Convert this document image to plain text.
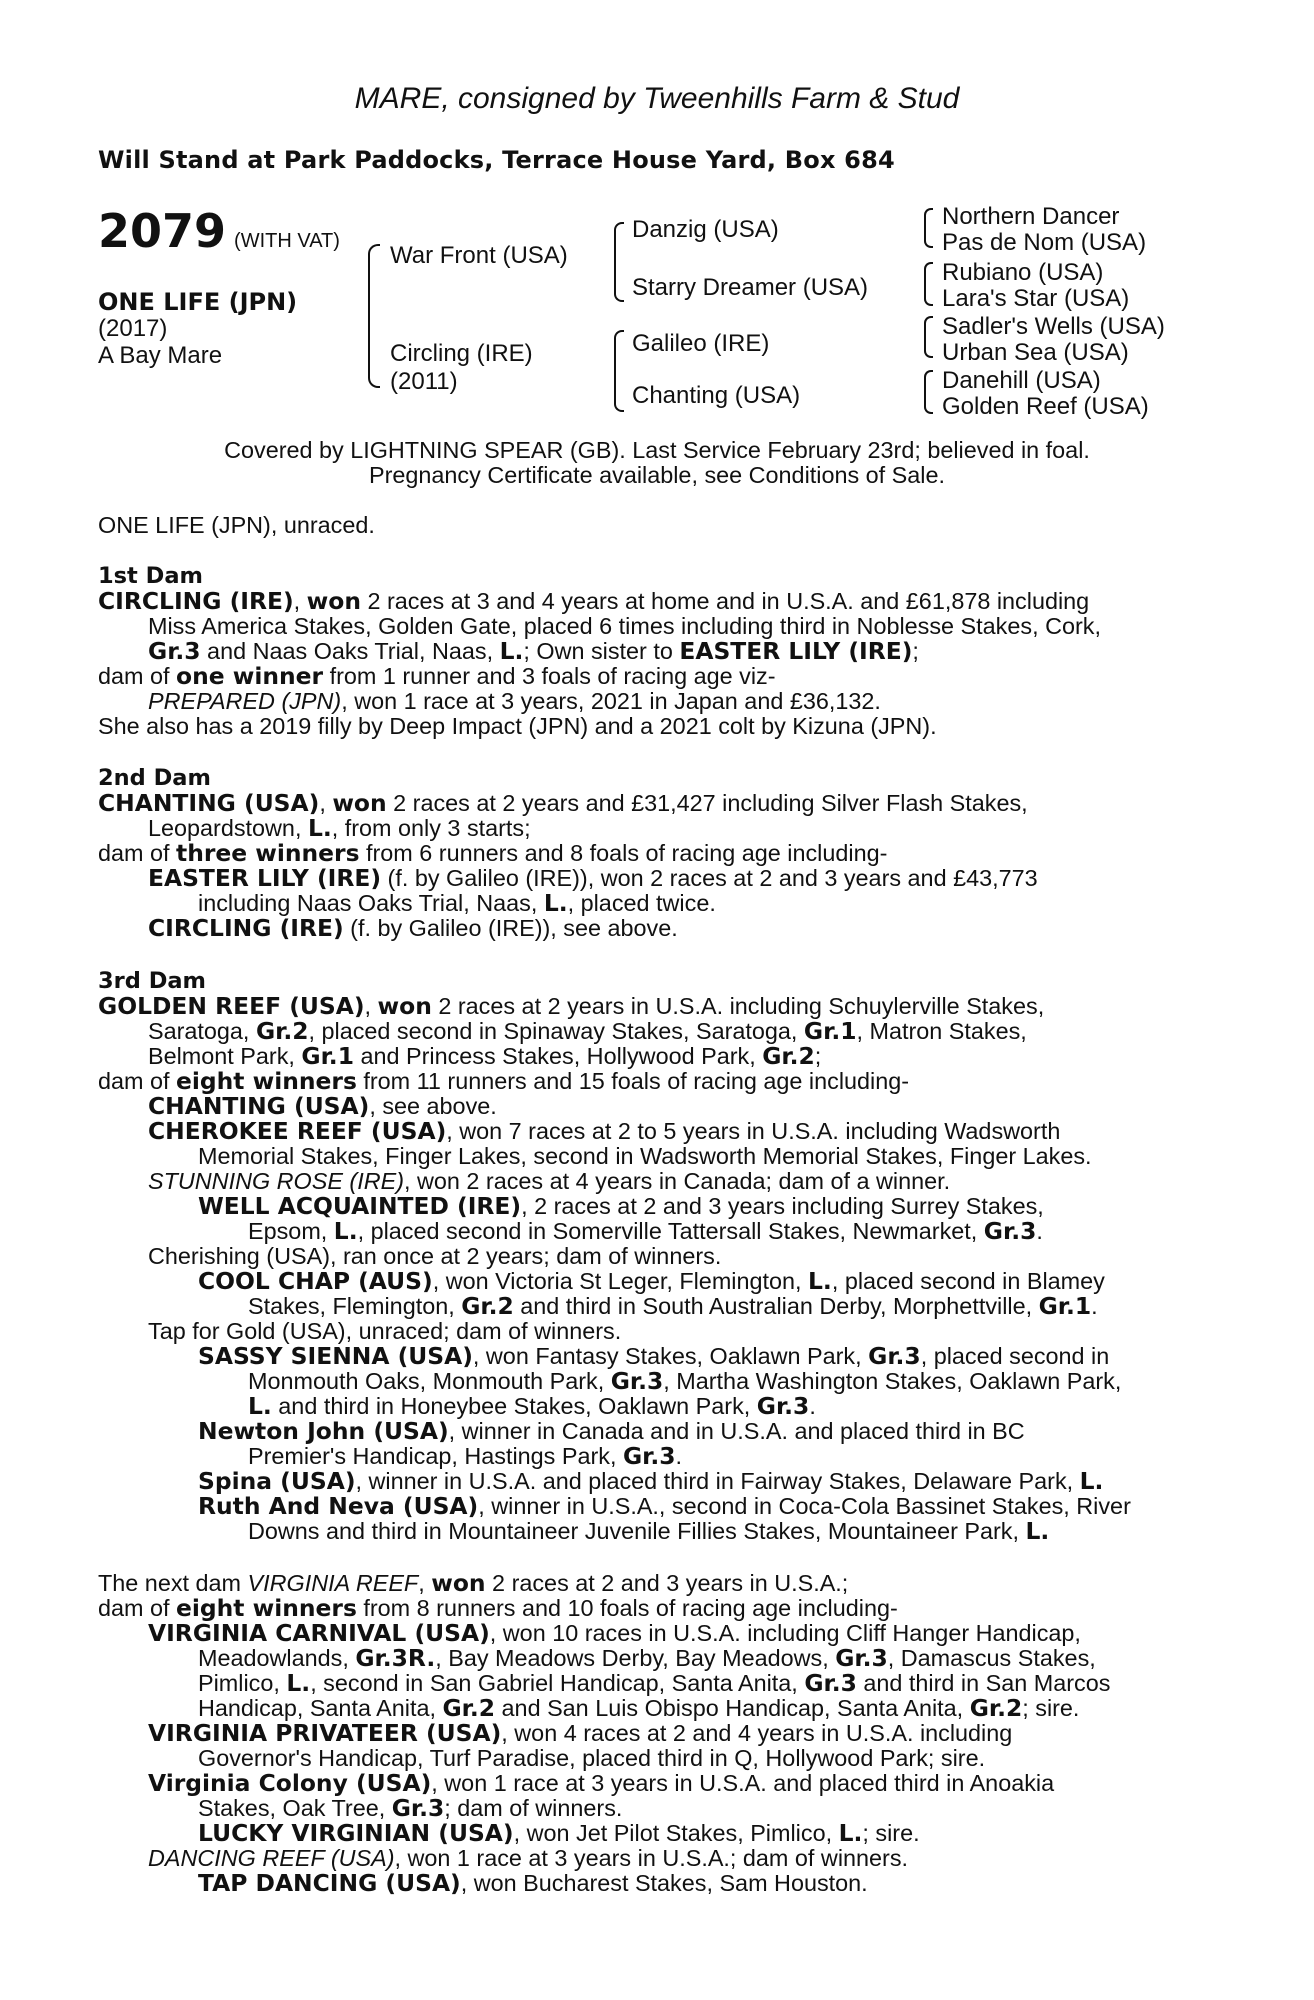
MARE, consigned by Tweenhills Farm & Stud
Will Stand at Park Paddocks, Terrace House Yard, Box 684
2079 (WITH VAT)
ONE LIFE (JPN)
(2017)
A Bay Mare
War Front (USA)
Circling (IRE)
(2011)
Danzig (USA)
Starry Dreamer (USA)
Galileo (IRE)
Chanting (USA)
Northern Dancer
Pas de Nom (USA)
Rubiano (USA)
Lara's Star (USA)
Sadler's Wells (USA)
Urban Sea (USA)
Danehill (USA)
Golden Reef (USA)
Covered by LIGHTNING SPEAR (GB). Last Service February 23rd; believed in foal.
Pregnancy Certificate available, see Conditions of Sale.
ONE LIFE (JPN), unraced.
1st Dam
CIRCLING (IRE), won 2 races at 3 and 4 years at home and in U.S.A. and £61,878 including
Miss America Stakes, Golden Gate, placed 6 times including third in Noblesse Stakes, Cork,
Gr.3 and Naas Oaks Trial, Naas, L.; Own sister to EASTER LILY (IRE);
dam of one winner from 1 runner and 3 foals of racing age viz-
PREPARED (JPN), won 1 race at 3 years, 2021 in Japan and £36,132.
She also has a 2019 filly by Deep Impact (JPN) and a 2021 colt by Kizuna (JPN).
2nd Dam
CHANTING (USA), won 2 races at 2 years and £31,427 including Silver Flash Stakes,
Leopardstown, L., from only 3 starts;
dam of three winners from 6 runners and 8 foals of racing age including-
EASTER LILY (IRE) (f. by Galileo (IRE)), won 2 races at 2 and 3 years and £43,773
including Naas Oaks Trial, Naas, L., placed twice.
CIRCLING (IRE) (f. by Galileo (IRE)), see above.
3rd Dam
GOLDEN REEF (USA), won 2 races at 2 years in U.S.A. including Schuylerville Stakes,
Saratoga, Gr.2, placed second in Spinaway Stakes, Saratoga, Gr.1, Matron Stakes,
Belmont Park, Gr.1 and Princess Stakes, Hollywood Park, Gr.2;
dam of eight winners from 11 runners and 15 foals of racing age including-
CHANTING (USA), see above.
CHEROKEE REEF (USA), won 7 races at 2 to 5 years in U.S.A. including Wadsworth
Memorial Stakes, Finger Lakes, second in Wadsworth Memorial Stakes, Finger Lakes.
STUNNING ROSE (IRE), won 2 races at 4 years in Canada; dam of a winner.
WELL ACQUAINTED (IRE), 2 races at 2 and 3 years including Surrey Stakes,
Epsom, L., placed second in Somerville Tattersall Stakes, Newmarket, Gr.3.
Cherishing (USA), ran once at 2 years; dam of winners.
COOL CHAP (AUS), won Victoria St Leger, Flemington, L., placed second in Blamey
Stakes, Flemington, Gr.2 and third in South Australian Derby, Morphettville, Gr.1.
Tap for Gold (USA), unraced; dam of winners.
SASSY SIENNA (USA), won Fantasy Stakes, Oaklawn Park, Gr.3, placed second in
Monmouth Oaks, Monmouth Park, Gr.3, Martha Washington Stakes, Oaklawn Park,
L. and third in Honeybee Stakes, Oaklawn Park, Gr.3.
Newton John (USA), winner in Canada and in U.S.A. and placed third in BC
Premier's Handicap, Hastings Park, Gr.3.
Spina (USA), winner in U.S.A. and placed third in Fairway Stakes, Delaware Park, L.
Ruth And Neva (USA), winner in U.S.A., second in Coca-Cola Bassinet Stakes, River
Downs and third in Mountaineer Juvenile Fillies Stakes, Mountaineer Park, L.
The next dam VIRGINIA REEF, won 2 races at 2 and 3 years in U.S.A.;
dam of eight winners from 8 runners and 10 foals of racing age including-
VIRGINIA CARNIVAL (USA), won 10 races in U.S.A. including Cliff Hanger Handicap,
Meadowlands, Gr.3R., Bay Meadows Derby, Bay Meadows, Gr.3, Damascus Stakes,
Pimlico, L., second in San Gabriel Handicap, Santa Anita, Gr.3 and third in San Marcos
Handicap, Santa Anita, Gr.2 and San Luis Obispo Handicap, Santa Anita, Gr.2; sire.
VIRGINIA PRIVATEER (USA), won 4 races at 2 and 4 years in U.S.A. including
Governor's Handicap, Turf Paradise, placed third in Q, Hollywood Park; sire.
Virginia Colony (USA), won 1 race at 3 years in U.S.A. and placed third in Anoakia
Stakes, Oak Tree, Gr.3; dam of winners.
LUCKY VIRGINIAN (USA), won Jet Pilot Stakes, Pimlico, L.; sire.
DANCING REEF (USA), won 1 race at 3 years in U.S.A.; dam of winners.
TAP DANCING (USA), won Bucharest Stakes, Sam Houston.
